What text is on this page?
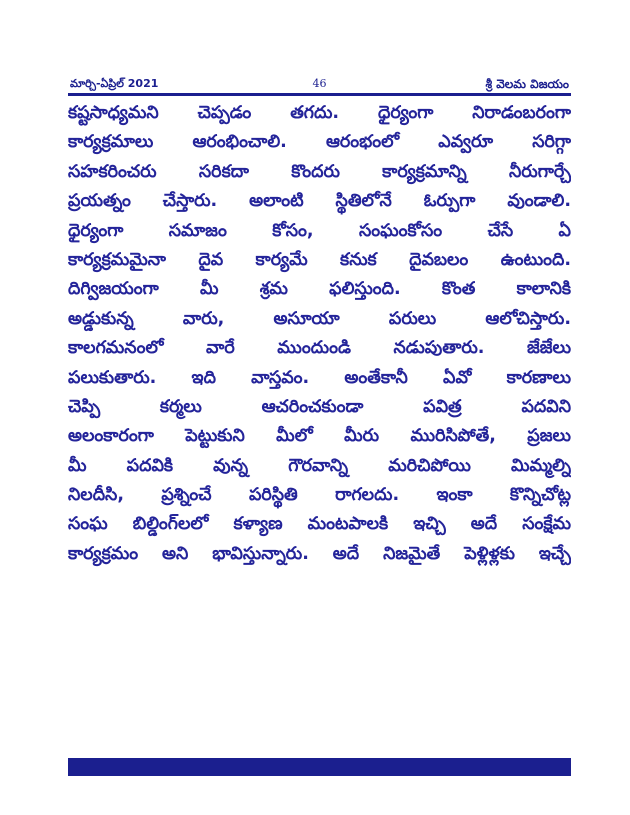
మార్చి-ఏప్రిల్ 2021	46	శ్రీ వెలమ విజయం
కష్టసాధ్యమని చెప్పడం తగదు. ధైర్యంగా నిరాడంబరంగా
కార్యక్రమాలు ఆరంభించాలి. ఆరంభంలో ఎవ్వరూ సరిగ్గా
సహకరించరు సరికదా కొందరు కార్యక్రమాన్ని నీరుగార్చే
ప్రయత్నం చేస్తారు. అలాంటి స్థితిలోనే ఓర్పుగా వుండాలి.
ధైర్యంగా సమాజం కోసం, సంఘంకోసం చేసే ఏ
కార్యక్రమమైనా దైవ కార్యమే కనుక దైవబలం ఉంటుంది.
దిగ్విజయంగా మీ శ్రమ ఫలిస్తుంది. కొంత కాలానికి
అడ్డుకున్న వారు, అసూయా పరులు ఆలోచిస్తారు.
కాలగమనంలో వారే ముందుండి నడుపుతారు. జేజేలు
పలుకుతారు. ఇది వాస్తవం. అంతేకానీ ఏవో కారణాలు
చెప్పి కర్మలు ఆచరించకుండా పవిత్ర పదవిని
అలంకారంగా పెట్టుకుని మీలో మీరు మురిసిపోతే, ప్రజలు
మీ పదవికి వున్న గౌరవాన్ని మరిచిపోయి మిమ్మల్ని
నిలదీసి, ప్రశ్నించే పరిస్థితి రాగలదు. ఇంకా కొన్నిచోట్ల
సంఘ బిల్డింగ్‌లలో కళ్యాణ మంటపాలకి ఇచ్చి అదే సంక్షేమ
కార్యక్రమం అని భావిస్తున్నారు. అదే నిజమైతే పెళ్లిళ్లకు ఇచ్చే
